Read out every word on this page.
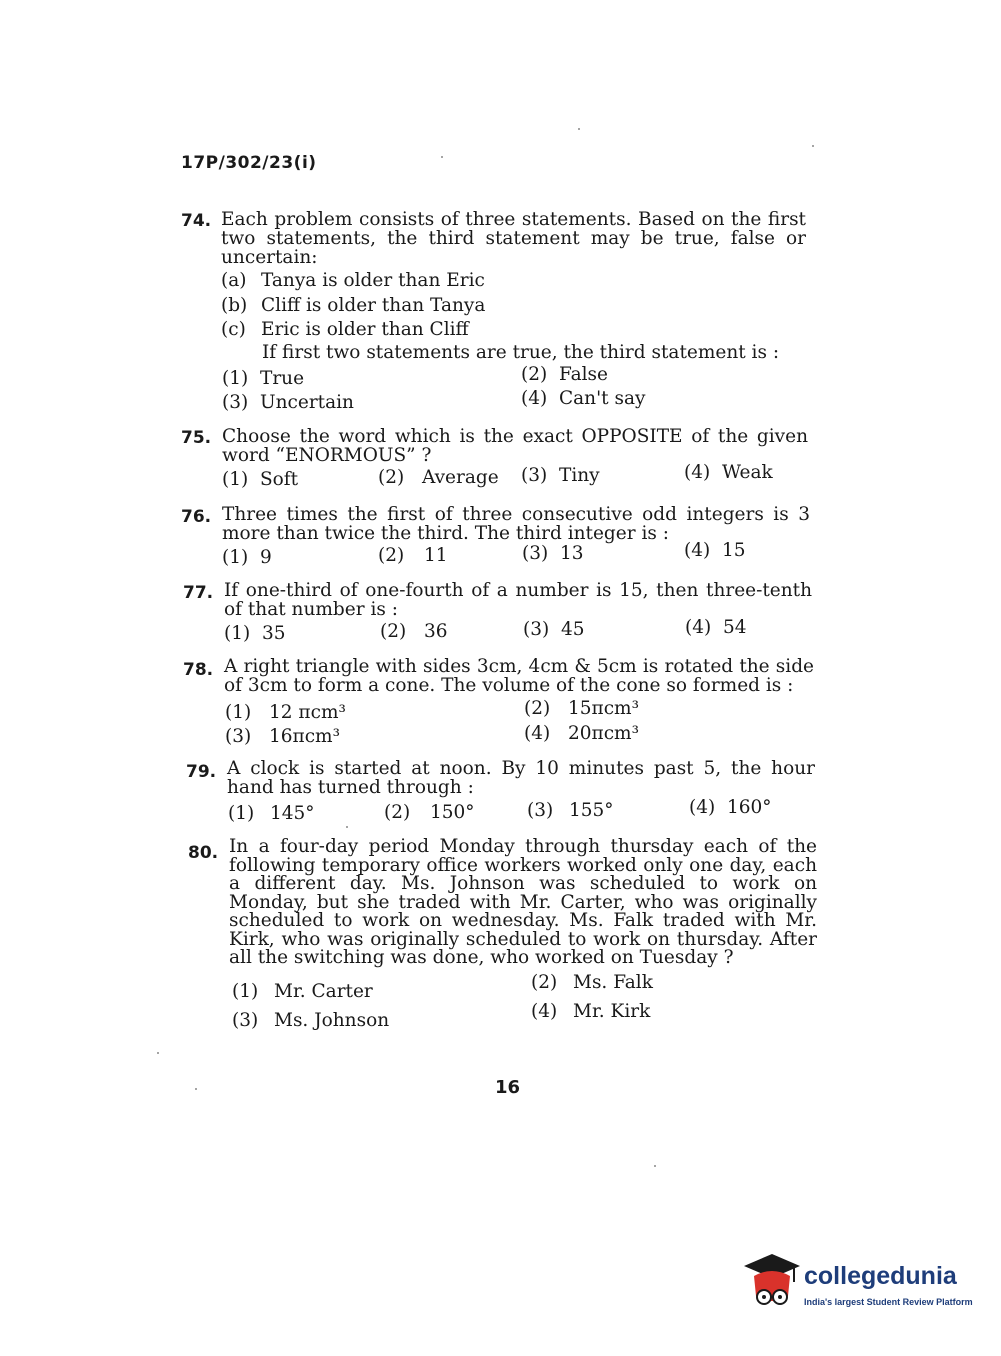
17P/302/23(i)
74. Each problem consists of three statements. Based on the first two statements, the third statement may be true, false or uncertain:
(a) Tanya is older than Eric
(b) Cliff is older than Tanya
(c) Eric is older than Cliff
If first two statements are true, the third statement is :
(1) True	(2) False
(3) Uncertain	(4) Can't say
75. Choose the word which is the exact OPPOSITE of the given word “ENORMOUS” ?
(1) Soft	(2) Average (3) Tiny	(4) Weak
76. Three times the first of three consecutive odd integers is 3 more than twice the third. The third integer is :
(1) 9	(2) 11	(3) 13	(4) 15
77. If one-third of one-fourth of a number is 15, then three-tenth of that number is :
(1) 35	(2) 36	(3) 45	(4) 54
78. A right triangle with sides 3cm, 4cm & 5cm is rotated the side of 3cm to form a cone. The volume of the cone so formed is :
(1) 12 πcm³	(2) 15πcm³
(3) 16πcm³	(4) 20πcm³
79. A clock is started at noon. By 10 minutes past 5, the hour hand has turned through :
(1) 145°	(2) 150°	(3) 155°	(4) 160°
80. In a four-day period Monday through thursday each of the following temporary office workers worked only one day, each a different day. Ms. Johnson was scheduled to work on Monday, but she traded with Mr. Carter, who was originally scheduled to work on wednesday. Ms. Falk traded with Mr. Kirk, who was originally scheduled to work on thursday. After all the switching was done, who worked on Tuesday ?
(1) Mr. Carter	(2) Ms. Falk
(3) Ms. Johnson	(4) Mr. Kirk
16
collegedunia
India's largest Student Review Platform
